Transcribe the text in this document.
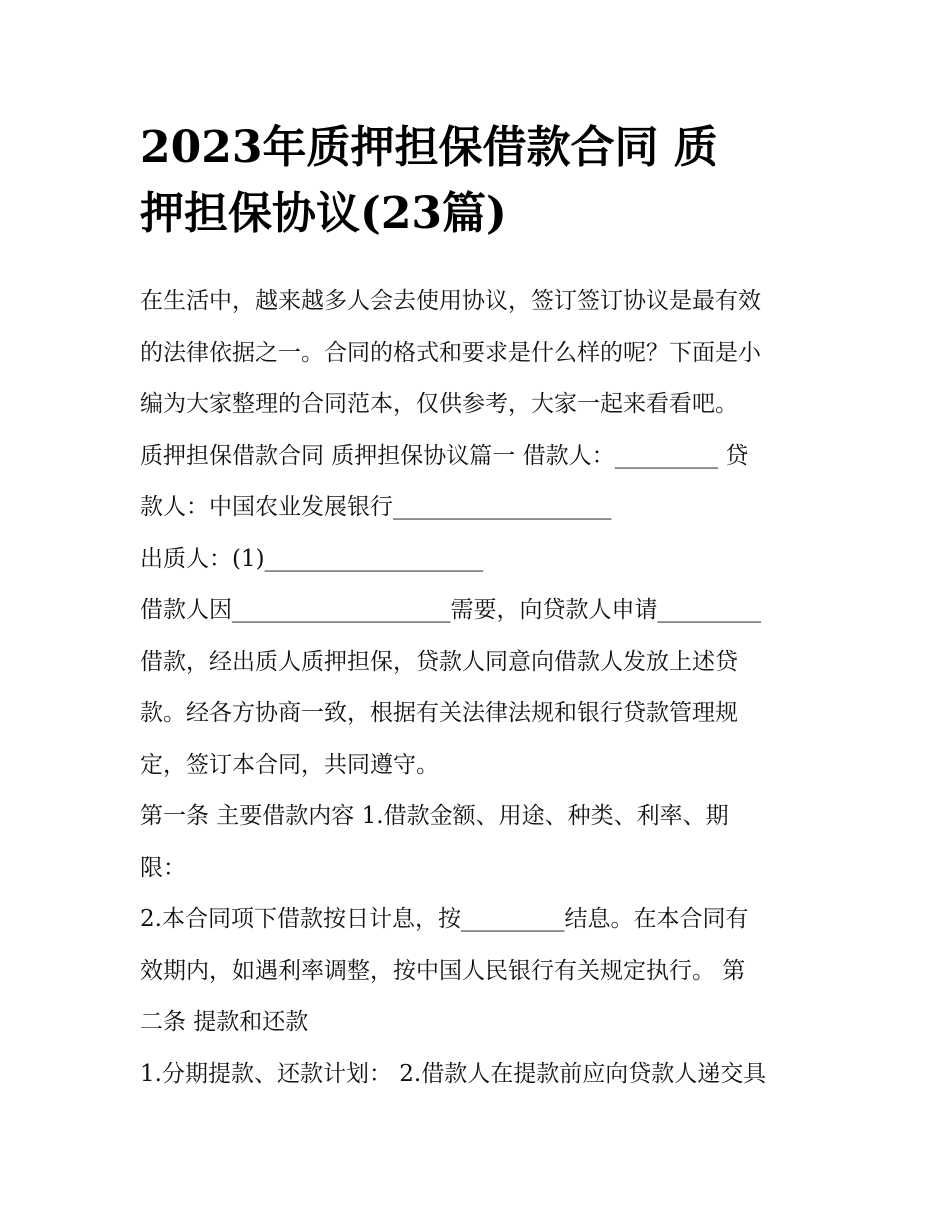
2023年质押担保借款合同 质
押担保协议(23篇)
在生活中，越来越多人会去使用协议，签订签订协议是最有效
的法律依据之一。合同的格式和要求是什么样的呢？下面是小
编为大家整理的合同范本，仅供参考，大家一起来看看吧。
质押担保借款合同 质押担保协议篇一 借款人：_________ 贷
款人：中国农业发展银行___________________
出质人：(1)___________________
借款人因___________________需要，向贷款人申请_________
借款，经出质人质押担保，贷款人同意向借款人发放上述贷
款。经各方协商一致，根据有关法律法规和银行贷款管理规
定，签订本合同，共同遵守。
第一条 主要借款内容 1.借款金额、用途、种类、利率、期
限：
2.本合同项下借款按日计息，按_________结息。在本合同有
效期内，如遇利率调整，按中国人民银行有关规定执行。 第
二条 提款和还款
1.分期提款、还款计划： 2.借款人在提款前应向贷款人递交具
